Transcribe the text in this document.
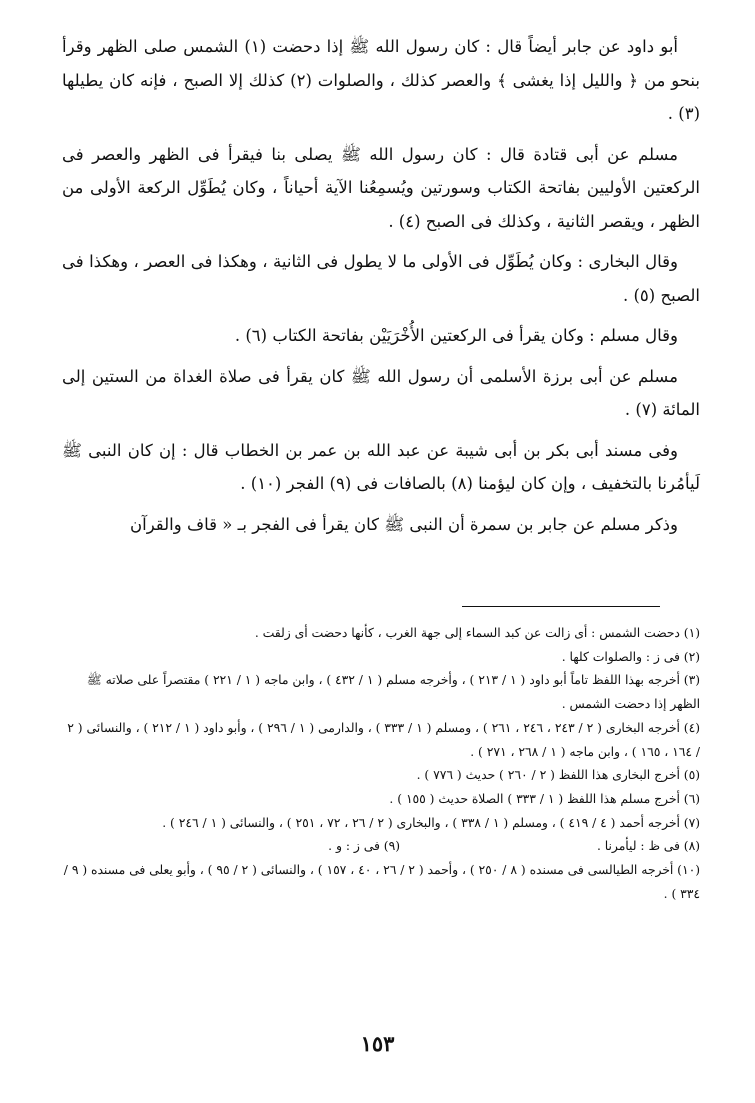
أبو داود عن جابر أيضاً قال : كان رسول الله ﷺ إذا دحضت (١) الشمس صلى الظهر وقرأ بنحو من ﴿ والليل إذا يغشى ﴾ والعصر كذلك ، والصلوات (٢) كذلك إلا الصبح ، فإنه كان يطيلها (٣) .

مسلم عن أبى قتادة قال : كان رسول الله ﷺ يصلى بنا فيقرأ فى الظهر والعصر فى الركعتين الأوليين بفاتحة الكتاب وسورتين ويُسمِعُنا الآية أحياناً ، وكان يُطَوِّل الركعة الأولى من الظهر ، ويقصر الثانية ، وكذلك فى الصبح (٤) .

وقال البخارى : وكان يُطَوِّل فى الأولى ما لا يطول فى الثانية ، وهكذا فى العصر ، وهكذا فى الصبح (٥) .

وقال مسلم : وكان يقرأ فى الركعتين الأُخْرَيَيْن بفاتحة الكتاب (٦) .

مسلم عن أبى برزة الأسلمى أن رسول الله ﷺ كان يقرأ فى صلاة الغداة من الستين إلى المائة (٧) .

وفى مسند أبى بكر بن أبى شيبة عن عبد الله بن عمر بن الخطاب قال : إن كان النبى ﷺ لَيأمُرنا بالتخفيف ، وإن كان ليؤمنا (٨) بالصافات فى (٩) الفجر (١٠) .

وذكر مسلم عن جابر بن سمرة أن النبى ﷺ كان يقرأ فى الفجر بـ « قاف والقرآن

(١) دحضت الشمس : أى زالت عن كبد السماء إلى جهة الغرب ، كأنها دحضت أى زلقت .

(٢) فى ز : والصلوات كلها .

(٣) أخرجه بهذا اللفظ تاماً أبو داود ( ١ / ٢١٣ ) ، وأخرجه مسلم ( ١ / ٤٣٢ ) ، وابن ماجه ( ١ / ٢٢١ ) مقتصراً على صلاته ﷺ الظهر إذا دحضت الشمس .

(٤) أخرجه البخارى ( ٢ / ٢٤٣ ، ٢٤٦ ، ٢٦١ ) ، ومسلم ( ١ / ٣٣٣ ) ، والدارمى ( ١ / ٢٩٦ ) ، وأبو داود ( ١ / ٢١٢ ) ، والنسائى ( ٢ / ١٦٤ ، ١٦٥ ) ، وابن ماجه ( ١ / ٢٦٨ ، ٢٧١ ) .

(٥) أخرج البخارى هذا اللفظ ( ٢ / ٢٦٠ ) حديث ( ٧٧٦ ) .

(٦) أخرج مسلم هذا اللفظ ( ١ / ٣٣٣ ) الصلاة حديث ( ١٥٥ ) .

(٧) أخرجه أحمد ( ٤ / ٤١٩ ) ، ومسلم ( ١ / ٣٣٨ ) ، والبخارى ( ٢ / ٢٦ ، ٧٢ ، ٢٥١ ) ، والنسائى ( ١ / ٢٤٦ ) .

(٨) فى ظ : ليأمرنا .
(٩) فى ز : و .

(١٠) أخرجه الطيالسى فى مسنده ( ٨ / ٢٥٠ ) ، وأحمد ( ٢ / ٢٦ ، ٤٠ ، ١٥٧ ) ، والنسائى ( ٢ / ٩٥ ) ، وأبو يعلى فى مسنده ( ٩ / ٣٣٤ ) .

١٥٣
